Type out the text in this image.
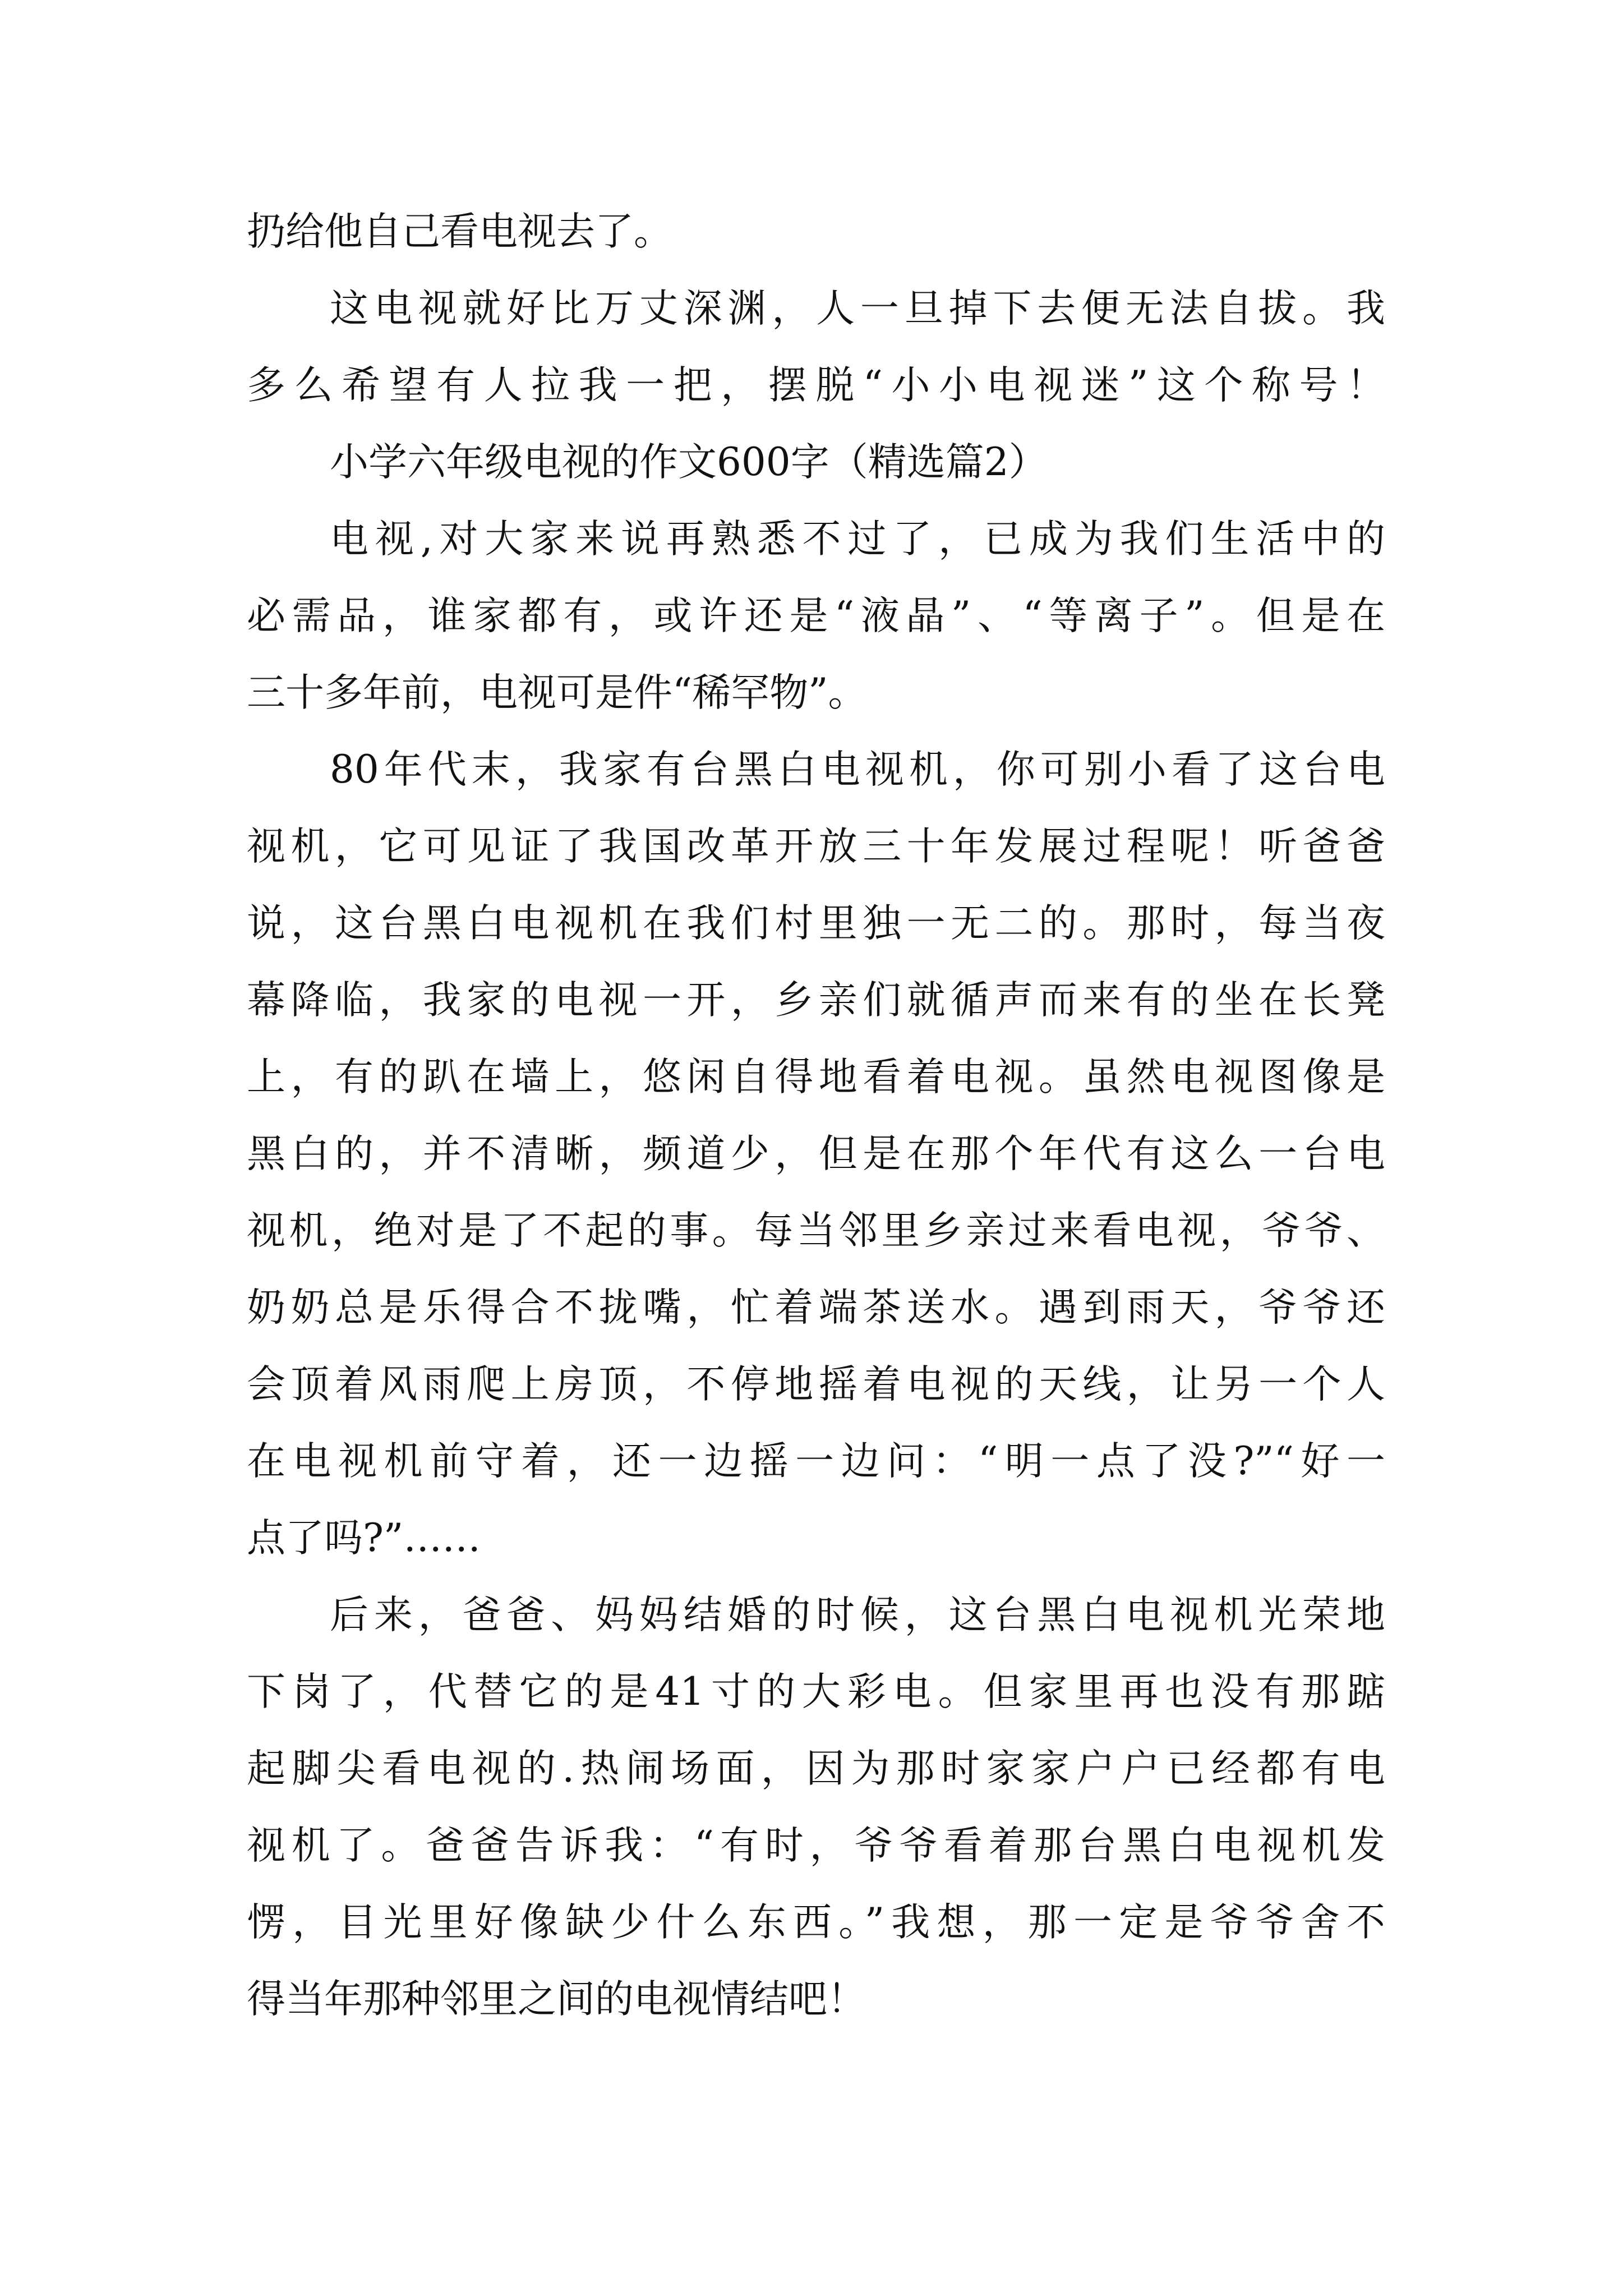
扔给他自己看电视去了。
这电视就好比万丈深渊，人一旦掉下去便无法自拔。我
多么希望有人拉我一把，摆脱“小小电视迷”这个称号！
小学六年级电视的作文600字（精选篇2）
电视,对大家来说再熟悉不过了，已成为我们生活中的
必需品，谁家都有，或许还是“液晶”、“等离子”。但是在
三十多年前，电视可是件“稀罕物”。
80年代末，我家有台黑白电视机，你可别小看了这台电
视机，它可见证了我国改革开放三十年发展过程呢！听爸爸
说，这台黑白电视机在我们村里独一无二的。那时，每当夜
幕降临，我家的电视一开，乡亲们就循声而来有的坐在长凳
上，有的趴在墙上，悠闲自得地看着电视。虽然电视图像是
黑白的，并不清晰，频道少，但是在那个年代有这么一台电
视机，绝对是了不起的事。每当邻里乡亲过来看电视，爷爷、
奶奶总是乐得合不拢嘴，忙着端茶送水。遇到雨天，爷爷还
会顶着风雨爬上房顶，不停地摇着电视的天线，让另一个人
在电视机前守着，还一边摇一边问：“明一点了没?”“好一
点了吗?”……
后来，爸爸、妈妈结婚的时候，这台黑白电视机光荣地
下岗了，代替它的是41寸的大彩电。但家里再也没有那踮
起脚尖看电视的.热闹场面，因为那时家家户户已经都有电
视机了。爸爸告诉我：“有时，爷爷看着那台黑白电视机发
愣，目光里好像缺少什么东西。”我想，那一定是爷爷舍不
得当年那种邻里之间的电视情结吧！
